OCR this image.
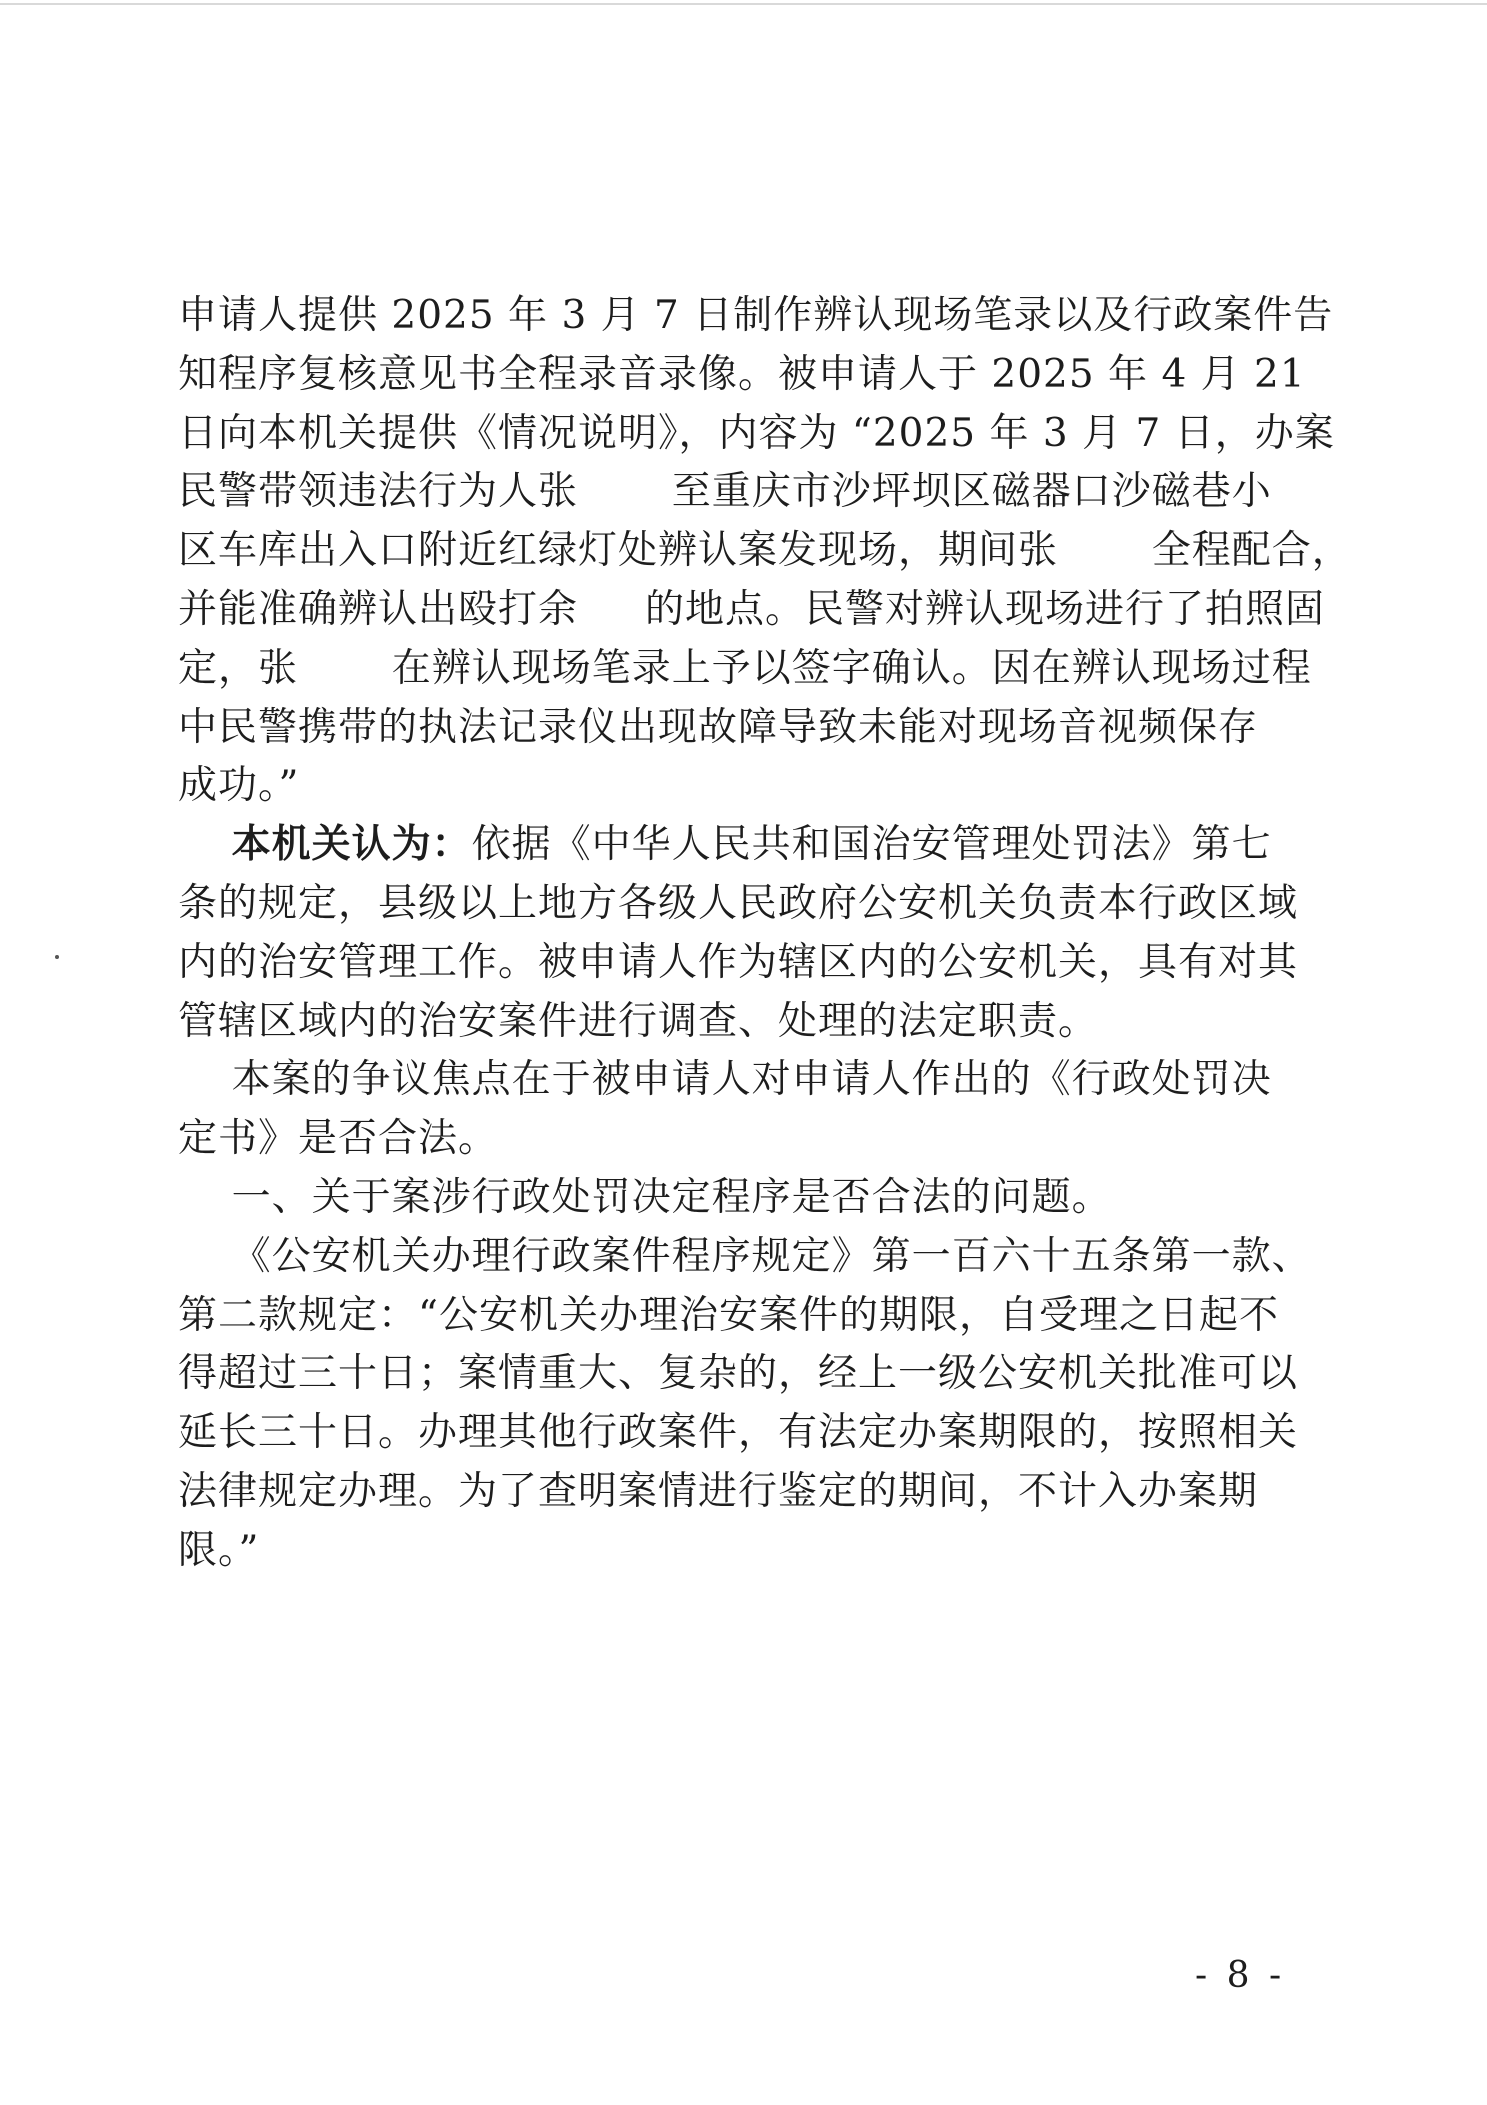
申请人提供 2025 年 3 月 7 日制作辨认现场笔录以及行政案件告
知程序复核意见书全程录音录像。被申请人于 2025 年 4 月 21
日向本机关提供《情况说明》，内容为 “2025 年 3 月 7 日，办案
民警带领违法行为人张       至重庆市沙坪坝区磁器口沙磁巷小
区车库出入口附近红绿灯处辨认案发现场，期间张       全程配合，
并能准确辨认出殴打余     的地点。民警对辨认现场进行了拍照固
定，张       在辨认现场笔录上予以签字确认。因在辨认现场过程
中民警携带的执法记录仪出现故障导致未能对现场音视频保存
成功。”
本机关认为：依据《中华人民共和国治安管理处罚法》第七
条的规定，县级以上地方各级人民政府公安机关负责本行政区域
内的治安管理工作。被申请人作为辖区内的公安机关，具有对其
管辖区域内的治安案件进行调查、处理的法定职责。
本案的争议焦点在于被申请人对申请人作出的《行政处罚决
定书》是否合法。
一、关于案涉行政处罚决定程序是否合法的问题。
《公安机关办理行政案件程序规定》第一百六十五条第一款、
第二款规定：“公安机关办理治安案件的期限，自受理之日起不
得超过三十日；案情重大、复杂的，经上一级公安机关批准可以
延长三十日。办理其他行政案件，有法定办案期限的，按照相关
法律规定办理。为了查明案情进行鉴定的期间，不计入办案期
限。”
- 8 -
